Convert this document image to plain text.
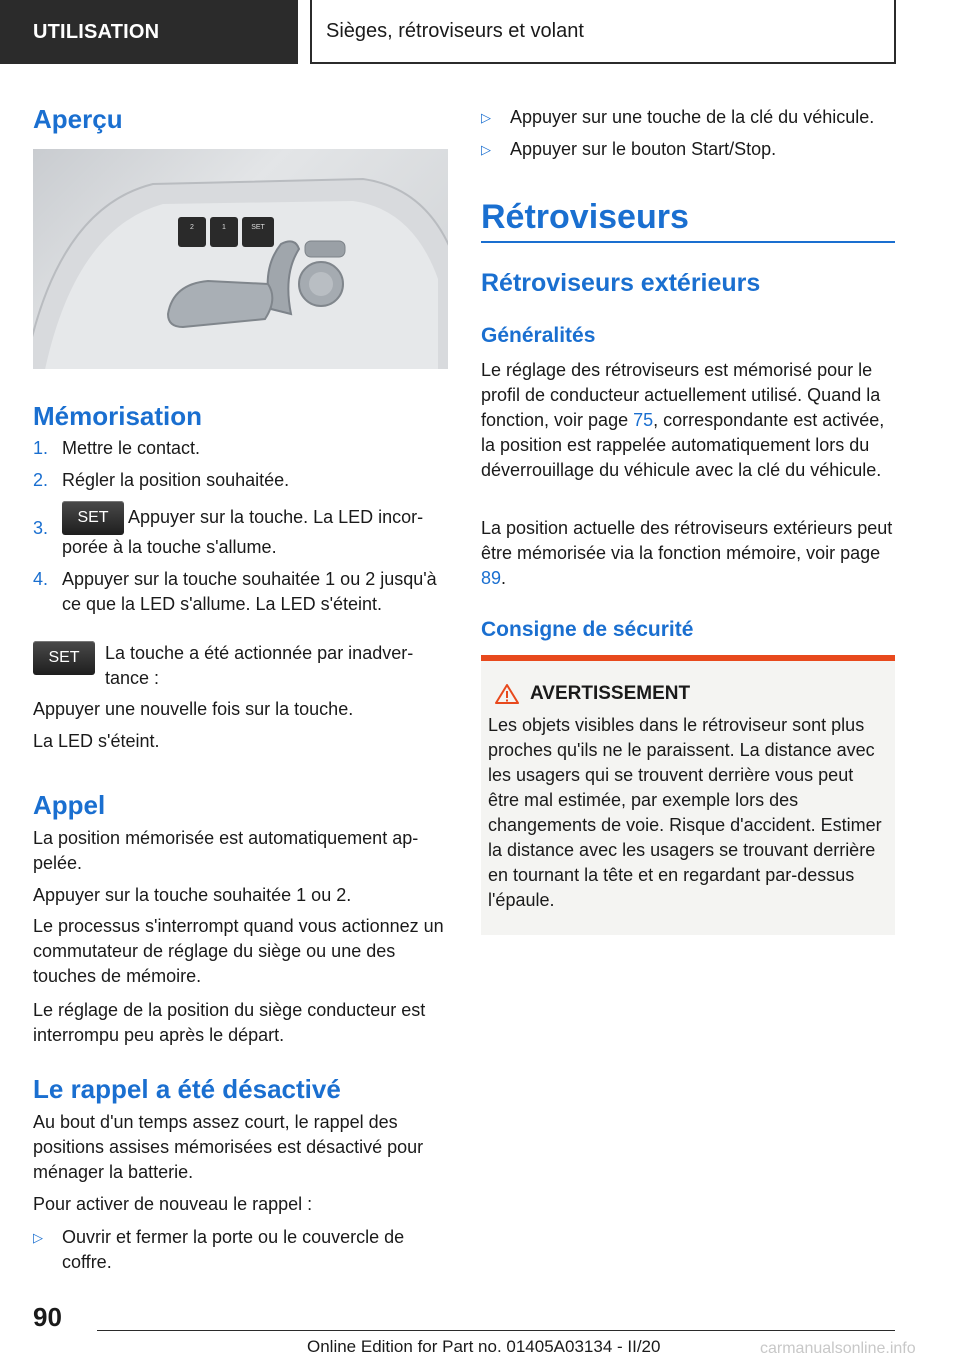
UTILISATION	Sièges, rétroviseurs et volant
Aperçu
2	1	SET
Mémorisation
1. Mettre le contact.
2. Régler la position souhaitée.
3.
SET Appuyer sur la touche. La LED incorporée à la touche s'allume.
4. Appuyer sur la touche souhaitée 1 ou 2 jusqu'à ce que la LED s'allume. La LED s'éteint.
SET	La touche a été actionnée par inadvertance :

Appuyer une nouvelle fois sur la touche.

La LED s'éteint.

Appel

La position mémorisée est automatiquement appelée.

Appuyer sur la touche souhaitée 1 ou 2.

Le processus s'interrompt quand vous actionnez un commutateur de réglage du siège ou une des touches de mémoire.

Le réglage de la position du siège conducteur est interrompu peu après le départ.

Le rappel a été désactivé

Au bout d'un temps assez court, le rappel des positions assises mémorisées est désactivé pour ménager la batterie.

Pour activer de nouveau le rappel :

▷ Ouvrir et fermer la porte ou le couvercle de coffre.
▷ Appuyer sur une touche de la clé du véhicule.
▷ Appuyer sur le bouton Start/Stop.
Rétroviseurs
Rétroviseurs extérieurs
Généralités

Le réglage des rétroviseurs est mémorisé pour le profil de conducteur actuellement utilisé. Quand la fonction, voir page 75, correspondante est activée, la position est rappelée automatiquement lors du déverrouillage du véhicule avec la clé du véhicule.

La position actuelle des rétroviseurs extérieurs peut être mémorisée via la fonction mémoire, voir page 89.

Consigne de sécurité
AVERTISSEMENT

Les objets visibles dans le rétroviseur sont plus proches qu'ils ne le paraissent. La distance avec les usagers qui se trouvent derrière vous peut être mal estimée, par exemple lors des changements de voie. Risque d'accident. Estimer la distance avec les usagers se trouvant derrière en tournant la tête et en regardant par-dessus l'épaule.

90
Online Edition for Part no. 01405A03134 - II/20	carmanualsonline.info
